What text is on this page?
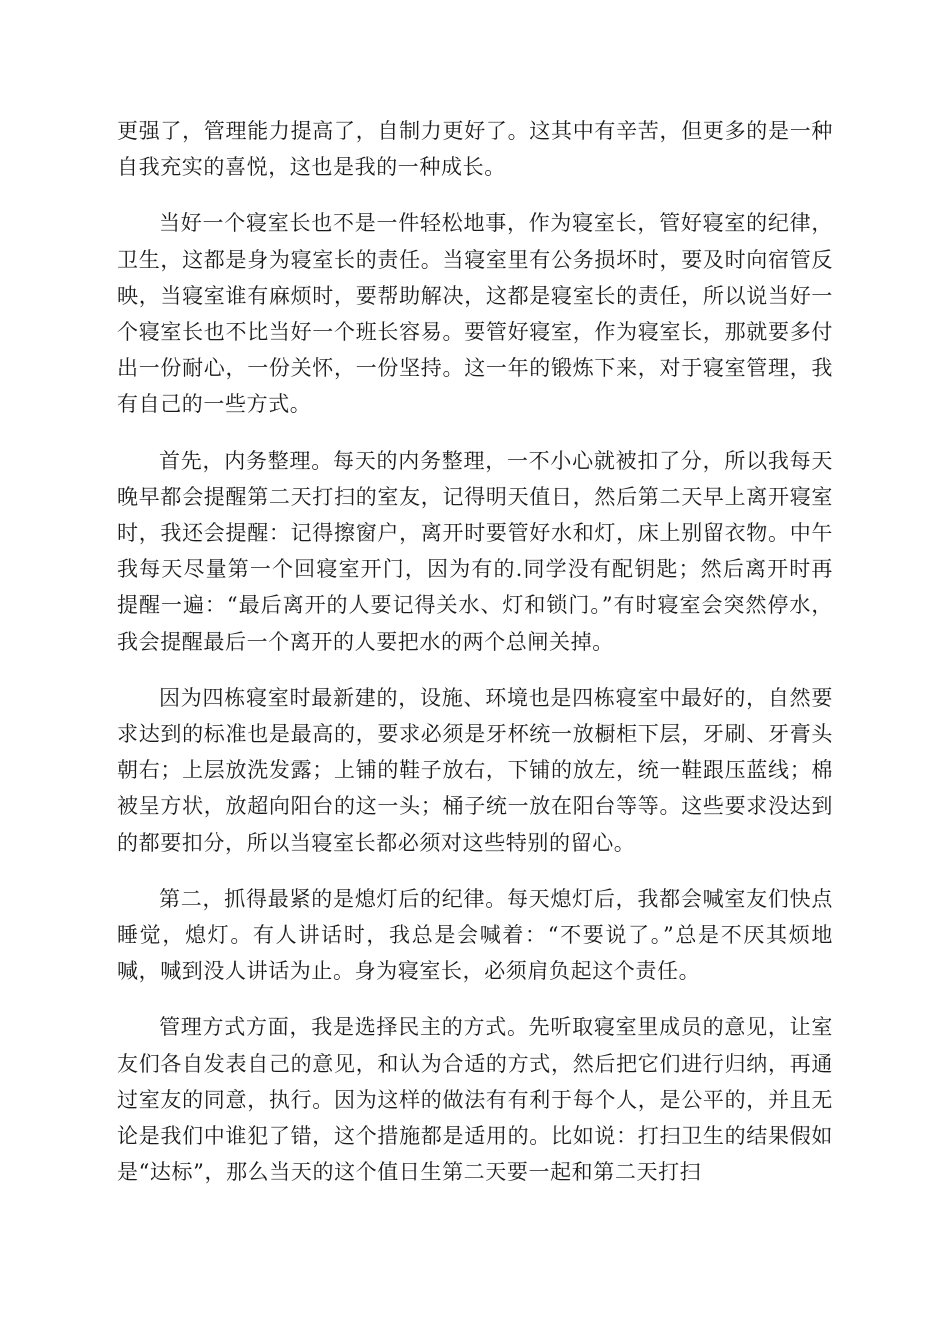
更强了，管理能力提高了，自制力更好了。这其中有辛苦，但更多的是一种自我充实的喜悦，这也是我的一种成长。

当好一个寝室长也不是一件轻松地事，作为寝室长，管好寝室的纪律，卫生，这都是身为寝室长的责任。当寝室里有公务损坏时，要及时向宿管反映，当寝室谁有麻烦时，要帮助解决，这都是寝室长的责任，所以说当好一个寝室长也不比当好一个班长容易。要管好寝室，作为寝室长，那就要多付出一份耐心，一份关怀，一份坚持。这一年的锻炼下来，对于寝室管理，我有自己的一些方式。

首先，内务整理。每天的内务整理，一不小心就被扣了分，所以我每天晚早都会提醒第二天打扫的室友，记得明天值日，然后第二天早上离开寝室时，我还会提醒：记得擦窗户，离开时要管好水和灯，床上别留衣物。中午我每天尽量第一个回寝室开门，因为有的.同学没有配钥匙；然后离开时再提醒一遍：“最后离开的人要记得关水、灯和锁门。”有时寝室会突然停水，我会提醒最后一个离开的人要把水的两个总闸关掉。

因为四栋寝室时最新建的，设施、环境也是四栋寝室中最好的，自然要求达到的标准也是最高的，要求必须是牙杯统一放橱柜下层，牙刷、牙膏头朝右；上层放洗发露；上铺的鞋子放右，下铺的放左，统一鞋跟压蓝线；棉被呈方状，放超向阳台的这一头；桶子统一放在阳台等等。这些要求没达到的都要扣分，所以当寝室长都必须对这些特别的留心。

第二，抓得最紧的是熄灯后的纪律。每天熄灯后，我都会喊室友们快点睡觉，熄灯。有人讲话时，我总是会喊着：“不要说了。”总是不厌其烦地喊，喊到没人讲话为止。身为寝室长，必须肩负起这个责任。

管理方式方面，我是选择民主的方式。先听取寝室里成员的意见，让室友们各自发表自己的意见，和认为合适的方式，然后把它们进行归纳，再通过室友的同意，执行。因为这样的做法有有利于每个人，是公平的，并且无论是我们中谁犯了错，这个措施都是适用的。比如说：打扫卫生的结果假如是“达标”，那么当天的这个值日生第二天要一起和第二天打扫
